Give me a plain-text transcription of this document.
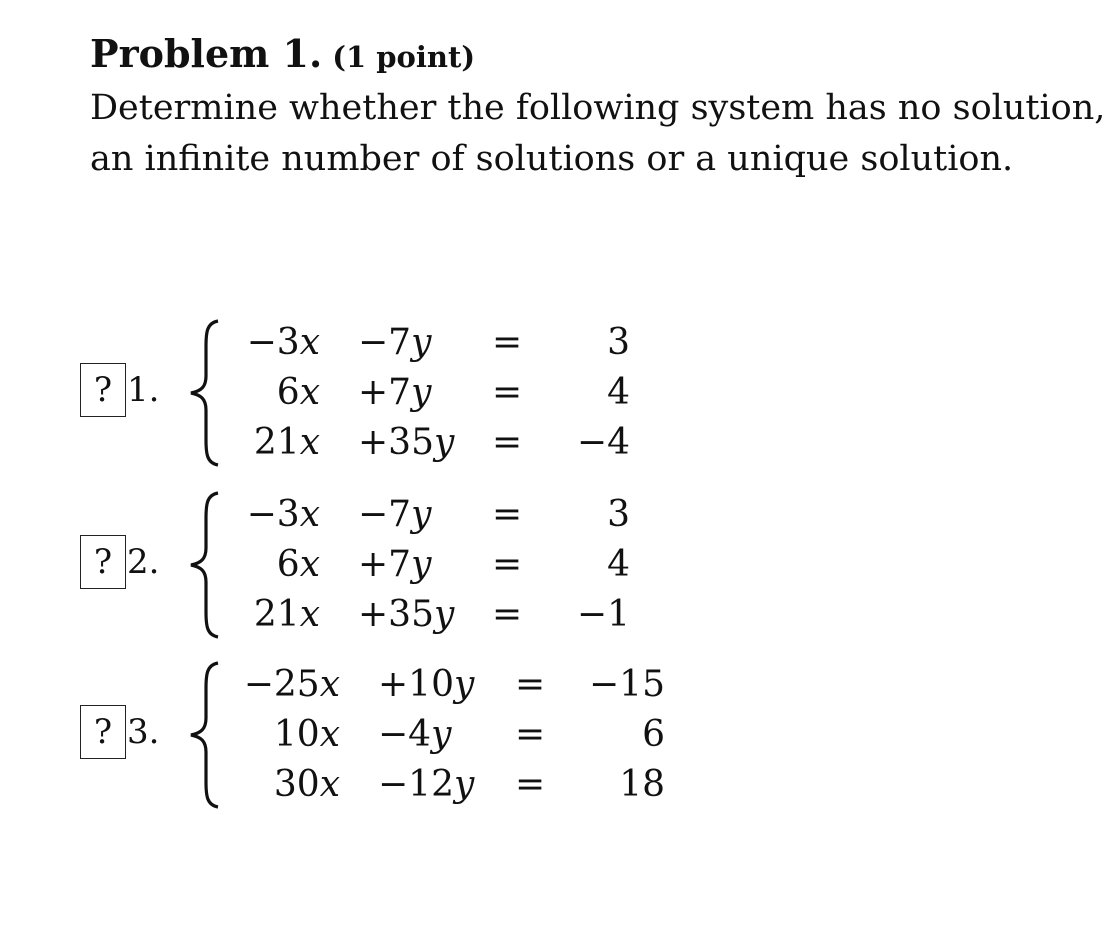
Problem 1. (1 point)
Determine whether the following system has no solution,
an infinite number of solutions or a unique solution.
? 1.
−3x −7y =	3
6x +7y =	4
21x +35y =	−4
? 2.
−3x −7y =	3
6x +7y =	4
21x +35y =	−1
? 3.
−25x +10y =	−15
10x −4y =	6
30x −12y =	18
